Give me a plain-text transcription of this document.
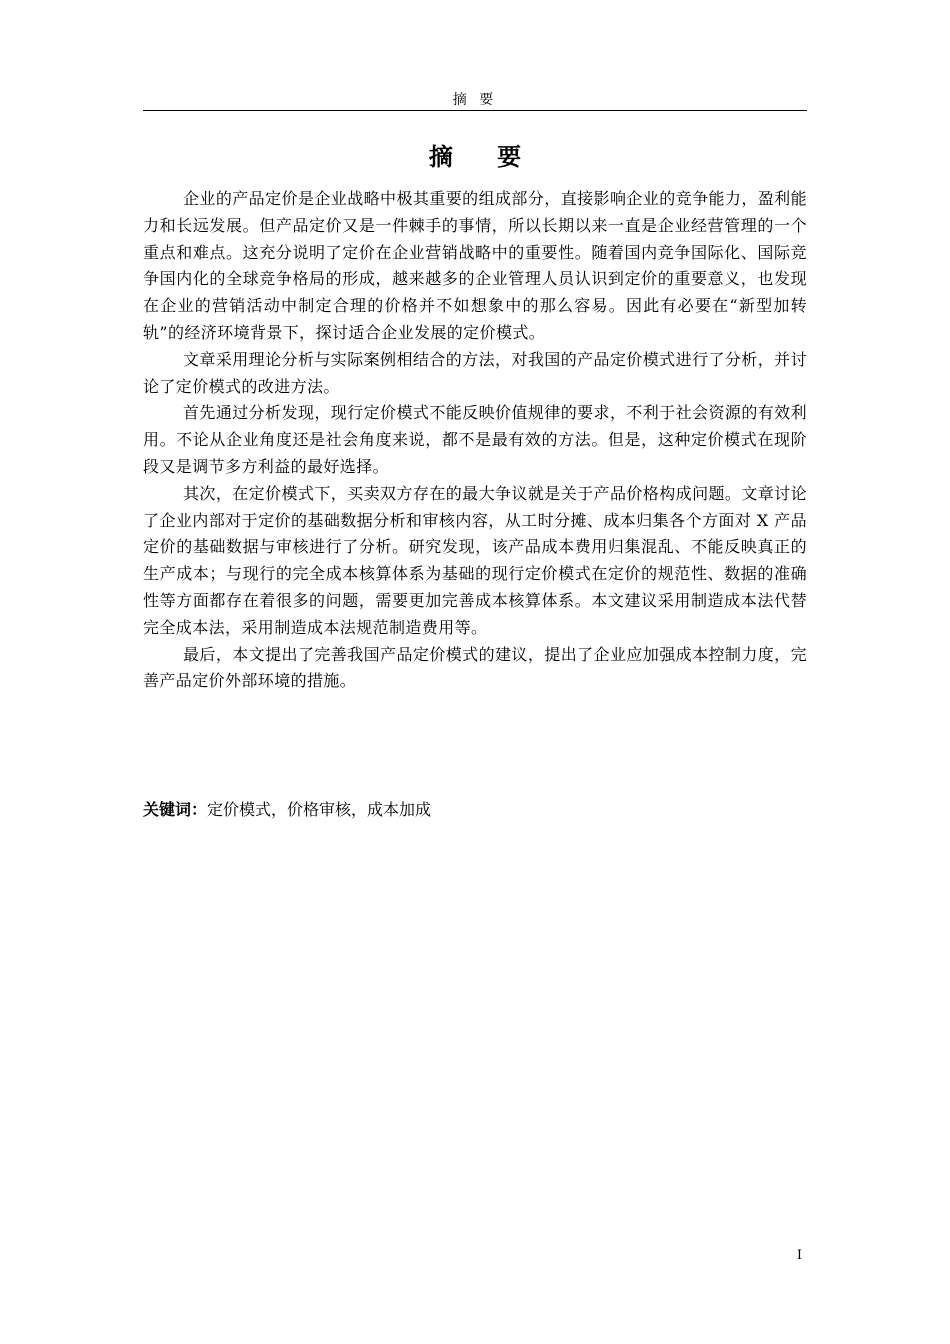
摘 要
摘 要

企业的产品定价是企业战略中极其重要的组成部分，直接影响企业的竞争能力，盈利能力和长远发展。但产品定价又是一件棘手的事情，所以长期以来一直是企业经营管理的一个重点和难点。这充分说明了定价在企业营销战略中的重要性。随着国内竞争国际化、国际竞争国内化的全球竞争格局的形成，越来越多的企业管理人员认识到定价的重要意义，也发现在企业的营销活动中制定合理的价格并不如想象中的那么容易。因此有必要在“新型加转轨”的经济环境背景下，探讨适合企业发展的定价模式。

文章采用理论分析与实际案例相结合的方法，对我国的产品定价模式进行了分析，并讨论了定价模式的改进方法。

首先通过分析发现，现行定价模式不能反映价值规律的要求，不利于社会资源的有效利用。不论从企业角度还是社会角度来说，都不是最有效的方法。但是，这种定价模式在现阶段又是调节多方利益的最好选择。

其次，在定价模式下，买卖双方存在的最大争议就是关于产品价格构成问题。文章讨论了企业内部对于定价的基础数据分析和审核内容，从工时分摊、成本归集各个方面对 X 产品定价的基础数据与审核进行了分析。研究发现，该产品成本费用归集混乱、不能反映真正的生产成本；与现行的完全成本核算体系为基础的现行定价模式在定价的规范性、数据的准确性等方面都存在着很多的问题，需要更加完善成本核算体系。本文建议采用制造成本法代替完全成本法，采用制造成本法规范制造费用等。

最后，本文提出了完善我国产品定价模式的建议，提出了企业应加强成本控制力度，完善产品定价外部环境的措施。

关键词：定价模式，价格审核，成本加成
I
